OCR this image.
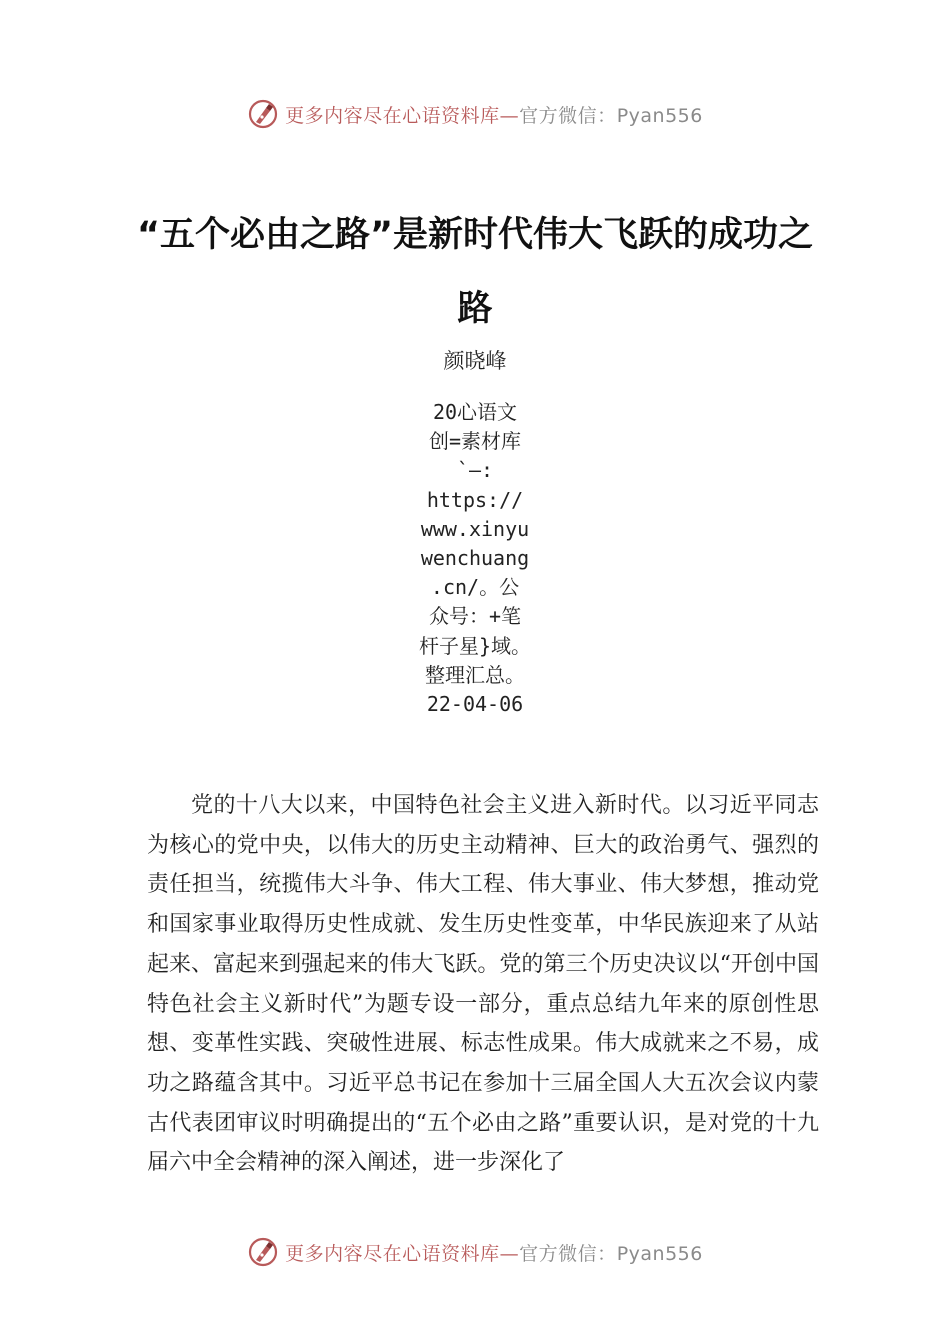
更多内容尽在心语资料库—官方微信：Pyan556
“五个必由之路”是新时代伟大飞跃的成功之路
颜晓峰
20心语文
创=素材库
`—:
https://
www.xinyu
wenchuang
.cn/。公
众号：+笔
杆子星}域。
整理汇总。
22-04-06

党的十八大以来，中国特色社会主义进入新时代。以习近平同志为核心的党中央，以伟大的历史主动精神、巨大的政治勇气、强烈的责任担当，统揽伟大斗争、伟大工程、伟大事业、伟大梦想，推动党和国家事业取得历史性成就、发生历史性变革，中华民族迎来了从站起来、富起来到强起来的伟大飞跃。党的第三个历史决议以“开创中国特色社会主义新时代”为题专设一部分，重点总结九年来的原创性思想、变革性实践、突破性进展、标志性成果。伟大成就来之不易，成功之路蕴含其中。习近平总书记在参加十三届全国人大五次会议内蒙古代表团审议时明确提出的“五个必由之路”重要认识，是对党的十九届六中全会精神的深入阐述，进一步深化了

更多内容尽在心语资料库—官方微信：Pyan556
